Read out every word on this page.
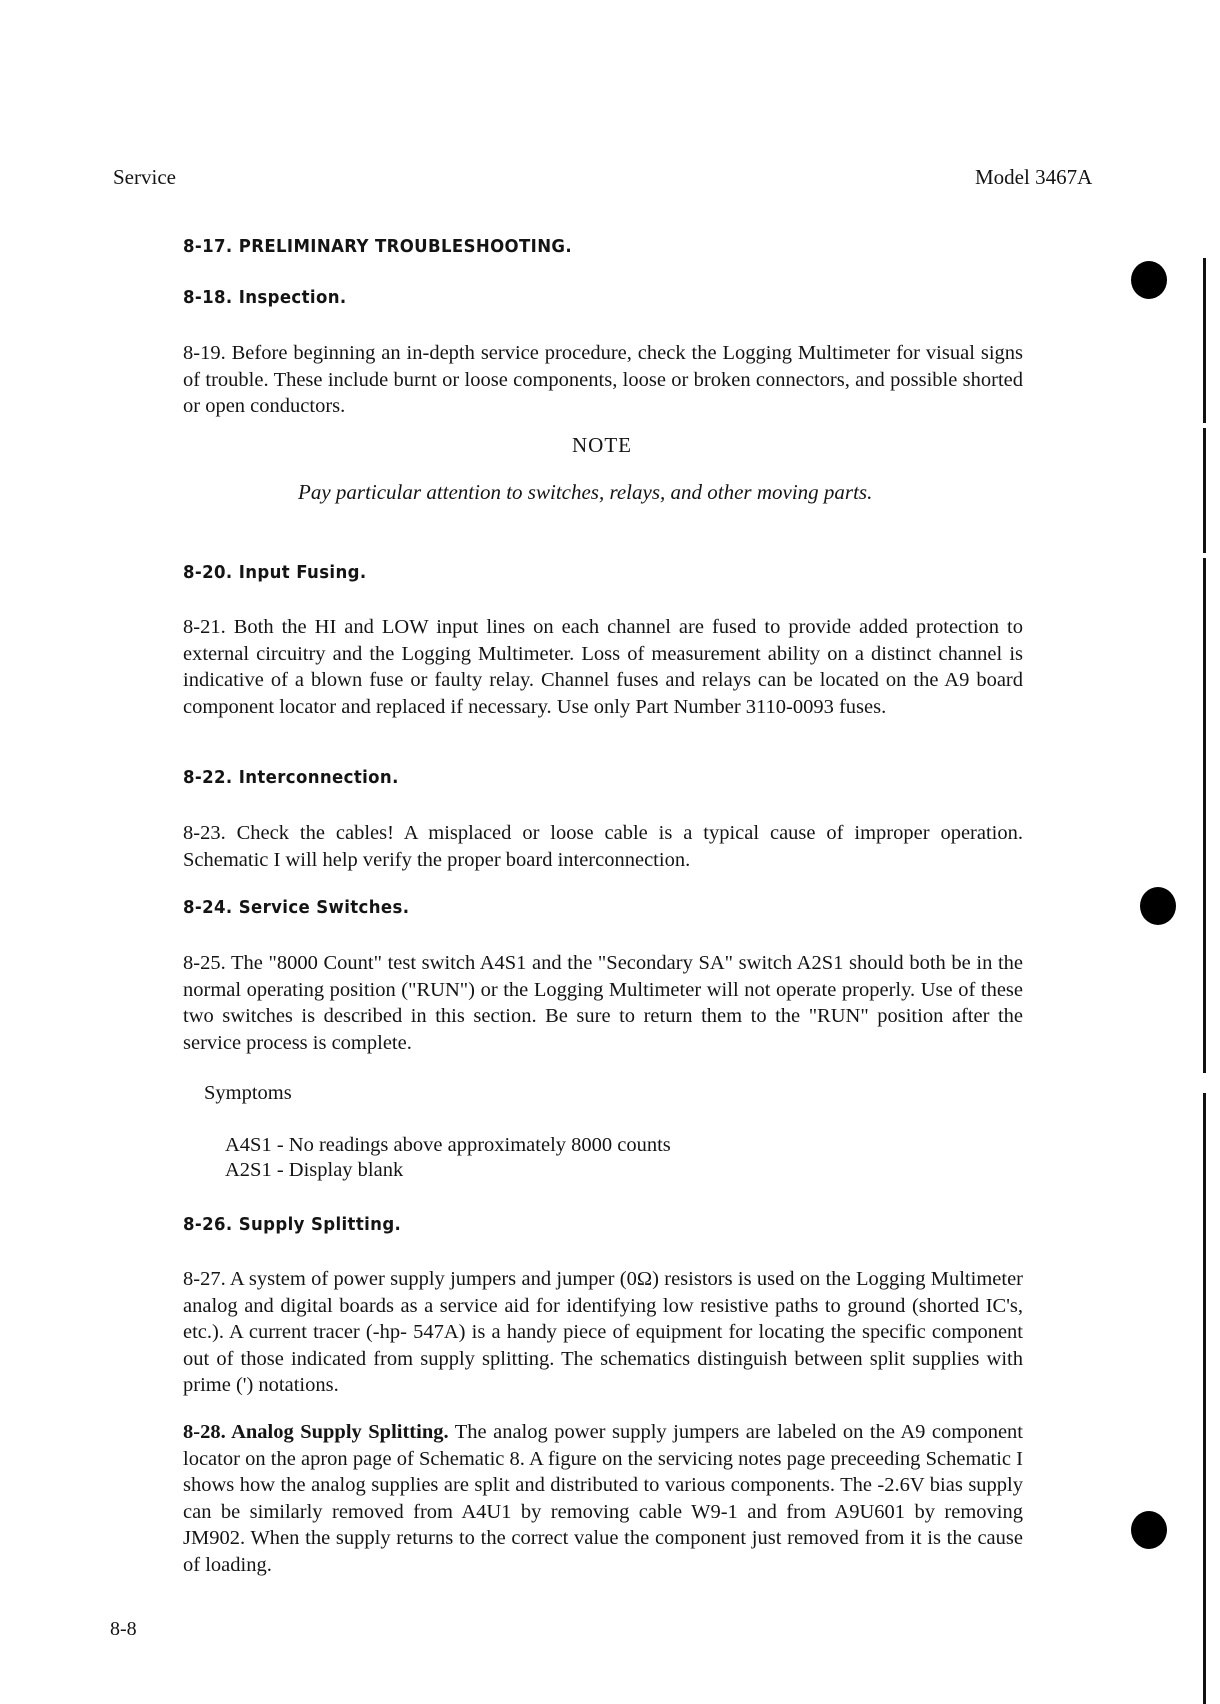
Service	Model 3467A
8-17. PRELIMINARY TROUBLESHOOTING.
8-18. Inspection.

8-19. Before beginning an in-depth service procedure, check the Logging Multimeter for visual signs of trouble. These include burnt or loose components, loose or broken connectors, and possible shorted or open conductors.

NOTE

Pay particular attention to switches, relays, and other moving parts.

8-20. Input Fusing.

8-21. Both the HI and LOW input lines on each channel are fused to provide added protection to external circuitry and the Logging Multimeter. Loss of measurement ability on a distinct channel is indicative of a blown fuse or faulty relay. Channel fuses and relays can be located on the A9 board component locator and replaced if necessary. Use only Part Number 3110-0093 fuses.

8-22. Interconnection.

8-23. Check the cables! A misplaced or loose cable is a typical cause of improper operation. Schematic I will help verify the proper board interconnection.

8-24. Service Switches.

8-25. The "8000 Count" test switch A4S1 and the "Secondary SA" switch A2S1 should both be in the normal operating position ("RUN") or the Logging Multimeter will not operate properly. Use of these two switches is described in this section. Be sure to return them to the "RUN" position after the service process is complete.

Symptoms
A4S1 - No readings above approximately 8000 counts
A2S1 - Display blank
8-26. Supply Splitting.

8-27. A system of power supply jumpers and jumper (0Ω) resistors is used on the Logging Multimeter analog and digital boards as a service aid for identifying low resistive paths to ground (shorted IC's, etc.). A current tracer (-hp- 547A) is a handy piece of equipment for locating the specific component out of those indicated from supply splitting. The schematics distinguish between split supplies with prime (') notations.

8-28. Analog Supply Splitting. The analog power supply jumpers are labeled on the A9 component locator on the apron page of Schematic 8. A figure on the servicing notes page preceeding Schematic I shows how the analog supplies are split and distributed to various components. The -2.6V bias supply can be similarly removed from A4U1 by removing cable W9-1 and from A9U601 by removing JM902. When the supply returns to the correct value the component just removed from it is the cause of loading.

8-8
